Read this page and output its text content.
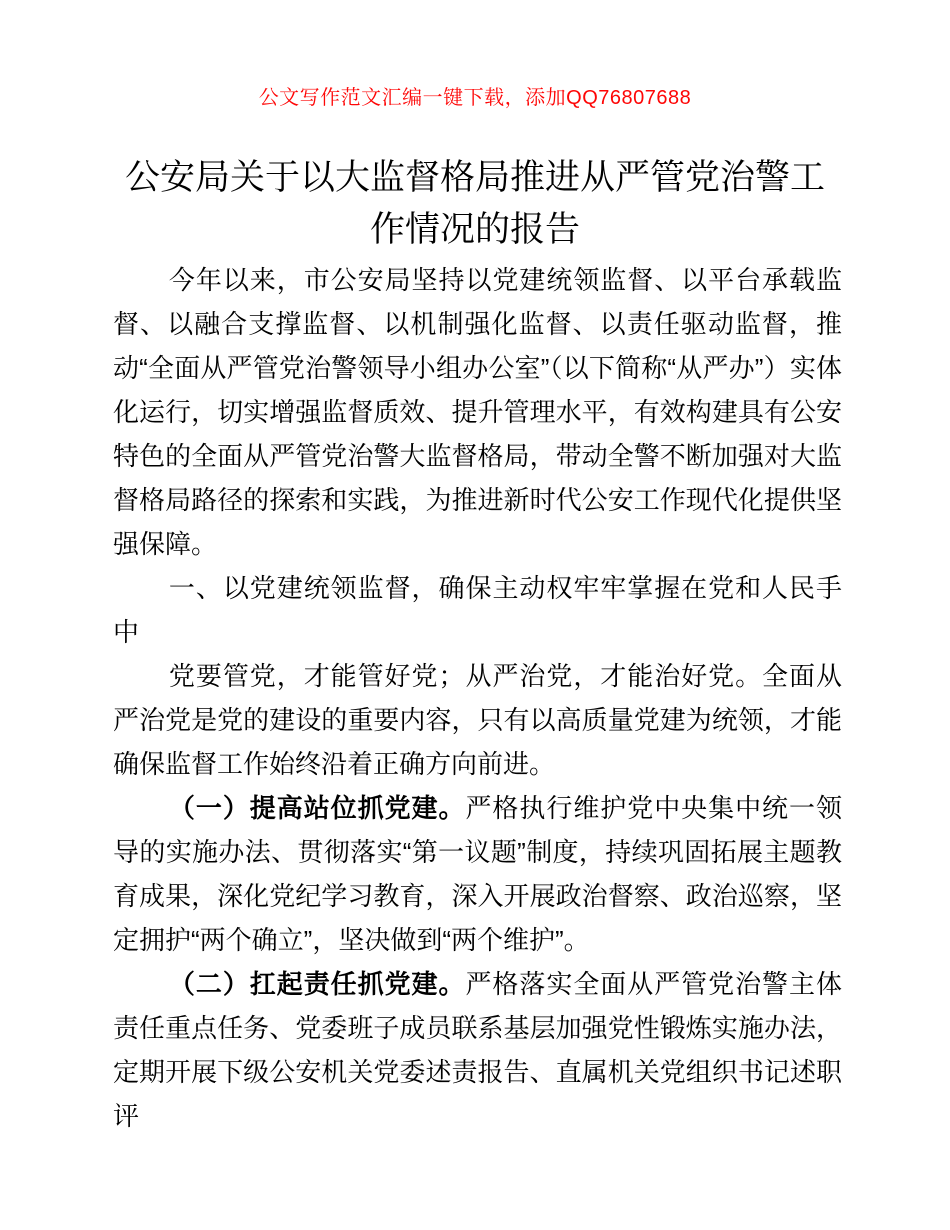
公文写作范文汇编一键下载，添加QQ76807688
公安局关于以大监督格局推进从严管党治警工作情况的报告

今年以来，市公安局坚持以党建统领监督、以平台承载监督、以融合支撑监督、以机制强化监督、以责任驱动监督，推动“全面从严管党治警领导小组办公室”（以下简称“从严办”）实体化运行，切实增强监督质效、提升管理水平，有效构建具有公安特色的全面从严管党治警大监督格局，带动全警不断加强对大监督格局路径的探索和实践，为推进新时代公安工作现代化提供坚强保障。

一、以党建统领监督，确保主动权牢牢掌握在党和人民手中

党要管党，才能管好党；从严治党，才能治好党。全面从严治党是党的建设的重要内容，只有以高质量党建为统领，才能确保监督工作始终沿着正确方向前进。

（一）提高站位抓党建。严格执行维护党中央集中统一领导的实施办法、贯彻落实“第一议题”制度，持续巩固拓展主题教育成果，深化党纪学习教育，深入开展政治督察、政治巡察，坚定拥护“两个确立”，坚决做到“两个维护”。

（二）扛起责任抓党建。严格落实全面从严管党治警主体责任重点任务、党委班子成员联系基层加强党性锻炼实施办法，定期开展下级公安机关党委述责报告、直属机关党组织书记述职评
